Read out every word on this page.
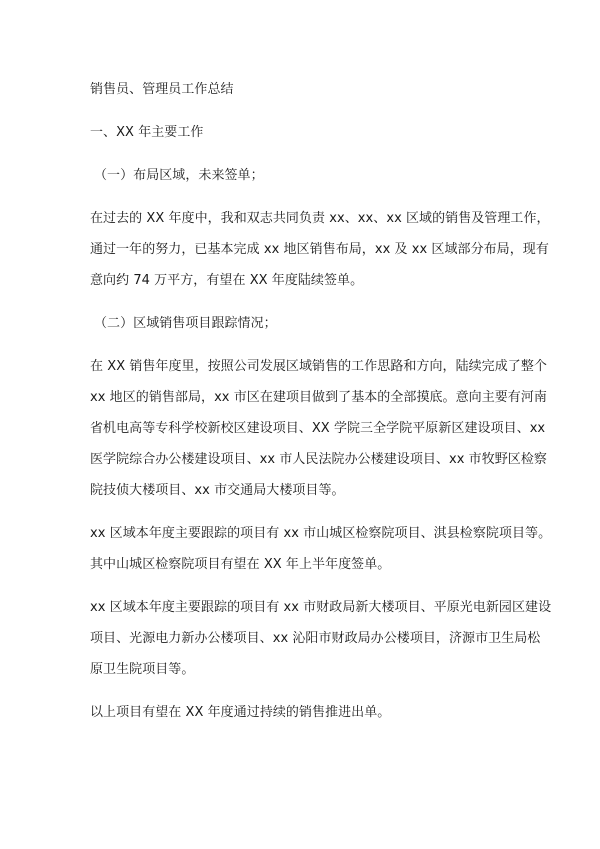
销售员、管理员工作总结
一、XX 年主要工作
（一）布局区域，未来签单；
在过去的 XX 年度中，我和双志共同负责 xx、xx、xx 区域的销售及管理工作，
通过一年的努力，已基本完成 xx 地区销售布局，xx 及 xx 区域部分布局，现有
意向约 74 万平方，有望在 XX 年度陆续签单。
（二）区域销售项目跟踪情况；
在 XX 销售年度里，按照公司发展区域销售的工作思路和方向，陆续完成了整个
xx 地区的销售部局，xx 市区在建项目做到了基本的全部摸底。意向主要有河南
省机电高等专科学校新校区建设项目、XX 学院三全学院平原新区建设项目、xx
医学院综合办公楼建设项目、xx 市人民法院办公楼建设项目、xx 市牧野区检察
院技侦大楼项目、xx 市交通局大楼项目等。
xx 区域本年度主要跟踪的项目有 xx 市山城区检察院项目、淇县检察院项目等。
其中山城区检察院项目有望在 XX 年上半年度签单。
xx 区域本年度主要跟踪的项目有 xx 市财政局新大楼项目、平原光电新园区建设
项目、光源电力新办公楼项目、xx 沁阳市财政局办公楼项目，济源市卫生局松
原卫生院项目等。
以上项目有望在 XX 年度通过持续的销售推进出单。
